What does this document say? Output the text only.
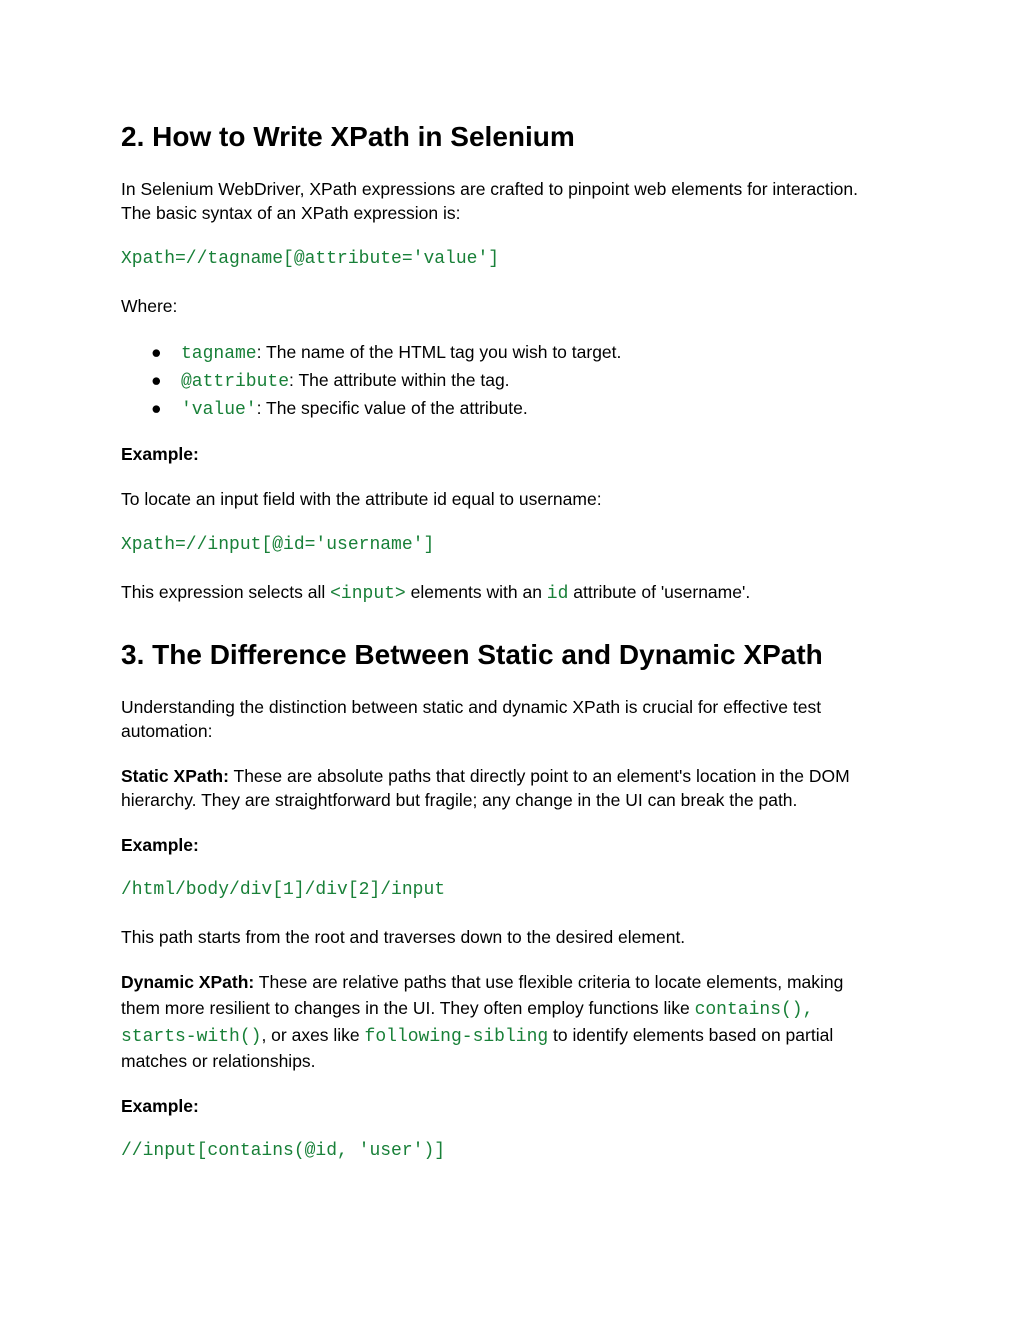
2. How to Write XPath in Selenium
In Selenium WebDriver, XPath expressions are crafted to pinpoint web elements for interaction.
The basic syntax of an XPath expression is:
Xpath=//tagname[@attribute='value']
Where:
● tagname: The name of the HTML tag you wish to target.
● @attribute: The attribute within the tag.
● 'value': The specific value of the attribute.
Example:
To locate an input field with the attribute id equal to username:
Xpath=//input[@id='username']
This expression selects all <input> elements with an id attribute of 'username'.
3. The Difference Between Static and Dynamic XPath
Understanding the distinction between static and dynamic XPath is crucial for effective test
automation:
Static XPath: These are absolute paths that directly point to an element's location in the DOM
hierarchy. They are straightforward but fragile; any change in the UI can break the path.
Example:
/html/body/div[1]/div[2]/input
This path starts from the root and traverses down to the desired element.
Dynamic XPath: These are relative paths that use flexible criteria to locate elements, making
them more resilient to changes in the UI. They often employ functions like contains(),
starts-with(), or axes like following-sibling to identify elements based on partial
matches or relationships.
Example:
//input[contains(@id, 'user')]
